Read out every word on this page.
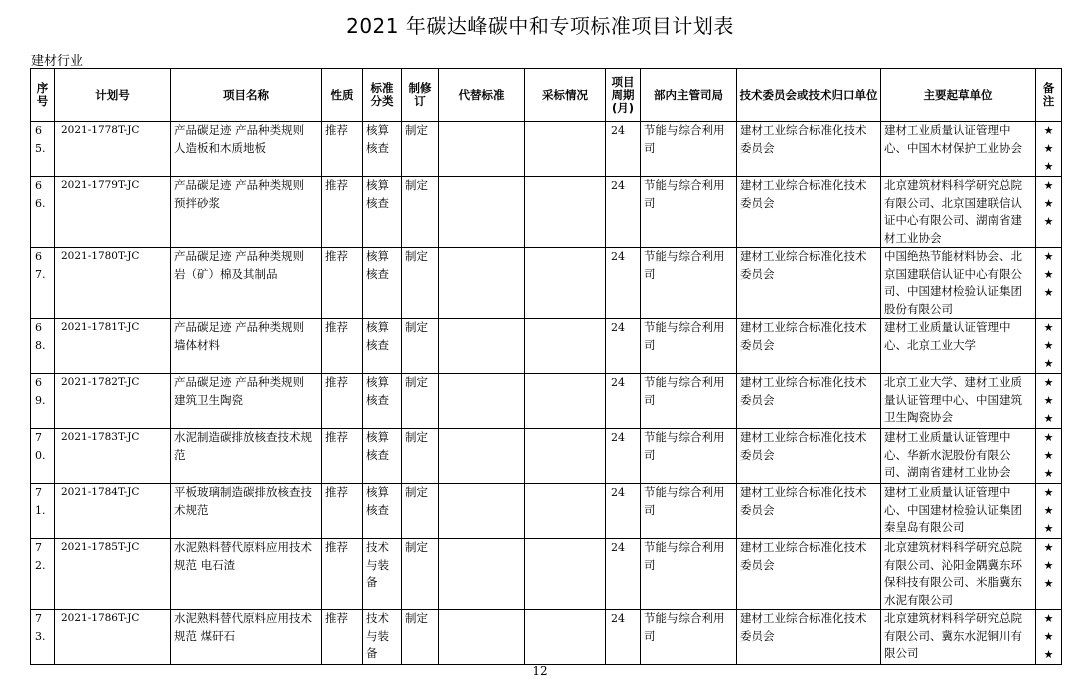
2021 年碳达峰碳中和专项标准项目计划表
建材行业
序号	计划号	项目名称	性质	标准分类	制修订	代替标准	采标情况	项目周期(月)	部内主管司局	技术委员会或技术归口单位	主要起草单位	备注
65.	2021-1778T-JC	产品碳足迹 产品种类规则 人造板和木质地板	推荐	核算核查	制定			24	节能与综合利用司	建材工业综合标准化技术委员会	建材工业质量认证管理中心、中国木材保护工业协会	★
★
★

66.	2021-1779T-JC	产品碳足迹 产品种类规则 预拌砂浆	推荐	核算核查	制定			24	节能与综合利用司	建材工业综合标准化技术委员会	北京建筑材料科学研究总院有限公司、北京国建联信认证中心有限公司、湖南省建材工业协会	★
★
★

67.	2021-1780T-JC	产品碳足迹 产品种类规则 岩（矿）棉及其制品	推荐	核算核查	制定			24	节能与综合利用司	建材工业综合标准化技术委员会	中国绝热节能材料协会、北京国建联信认证中心有限公司、中国建材检验认证集团股份有限公司	★
★
★

68.	2021-1781T-JC	产品碳足迹 产品种类规则 墙体材料	推荐	核算核查	制定			24	节能与综合利用司	建材工业综合标准化技术委员会	建材工业质量认证管理中心、北京工业大学	★
★
★

69.	2021-1782T-JC	产品碳足迹 产品种类规则 建筑卫生陶瓷	推荐	核算核查	制定			24	节能与综合利用司	建材工业综合标准化技术委员会	北京工业大学、建材工业质量认证管理中心、中国建筑卫生陶瓷协会	★
★
★

70.	2021-1783T-JC	水泥制造碳排放核查技术规范	推荐	核算核查	制定			24	节能与综合利用司	建材工业综合标准化技术委员会	建材工业质量认证管理中心、华新水泥股份有限公司、湖南省建材工业协会	★
★
★

71.	2021-1784T-JC	平板玻璃制造碳排放核查技术规范	推荐	核算核查	制定			24	节能与综合利用司	建材工业综合标准化技术委员会	建材工业质量认证管理中心、中国建材检验认证集团秦皇岛有限公司	★
★
★

72.	2021-1785T-JC	水泥熟料替代原料应用技术规范 电石渣	推荐	技术与装备	制定			24	节能与综合利用司	建材工业综合标准化技术委员会	北京建筑材料科学研究总院有限公司、沁阳金隅冀东环保科技有限公司、米脂冀东水泥有限公司	★
★
★

73.	2021-1786T-JC	水泥熟料替代原料应用技术规范 煤矸石	推荐	技术与装备	制定			24	节能与综合利用司	建材工业综合标准化技术委员会	北京建筑材料科学研究总院有限公司、冀东水泥铜川有限公司	★
★
★
12
